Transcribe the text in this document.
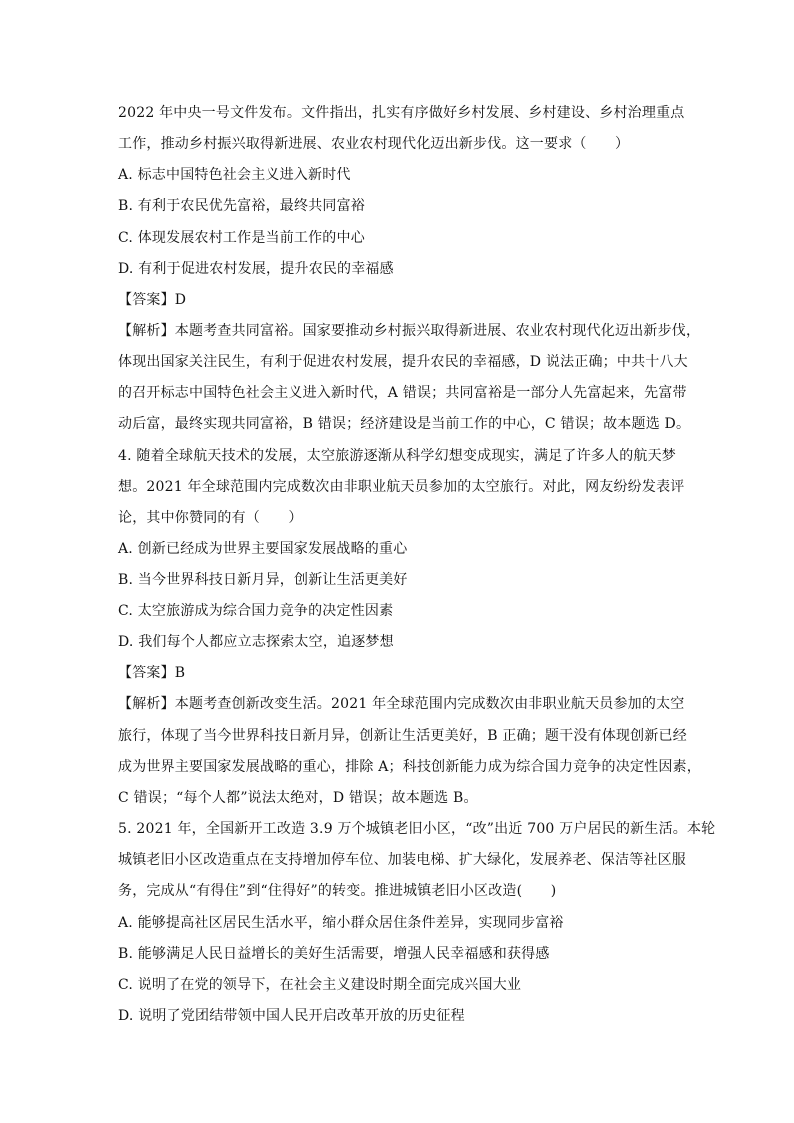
2022 年中央一号文件发布。文件指出，扎实有序做好乡村发展、乡村建设、乡村治理重点
工作，推动乡村振兴取得新进展、农业农村现代化迈出新步伐。这一要求（　　）
A. 标志中国特色社会主义进入新时代
B. 有利于农民优先富裕，最终共同富裕
C. 体现发展农村工作是当前工作的中心
D. 有利于促进农村发展，提升农民的幸福感
【答案】D
【解析】本题考查共同富裕。国家要推动乡村振兴取得新进展、农业农村现代化迈出新步伐，
体现出国家关注民生，有利于促进农村发展，提升农民的幸福感，D 说法正确；中共十八大
的召开标志中国特色社会主义进入新时代，A 错误；共同富裕是一部分人先富起来，先富带
动后富，最终实现共同富裕，B 错误；经济建设是当前工作的中心，C 错误；故本题选 D。
4. 随着全球航天技术的发展，太空旅游逐渐从科学幻想变成现实，满足了许多人的航天梦
想。2021 年全球范围内完成数次由非职业航天员参加的太空旅行。对此，网友纷纷发表评
论，其中你赞同的有（　　）
A. 创新已经成为世界主要国家发展战略的重心
B. 当今世界科技日新月异，创新让生活更美好
C. 太空旅游成为综合国力竞争的决定性因素
D. 我们每个人都应立志探索太空，追逐梦想
【答案】B
【解析】本题考查创新改变生活。2021 年全球范围内完成数次由非职业航天员参加的太空
旅行，体现了当今世界科技日新月异，创新让生活更美好，B 正确；题干没有体现创新已经
成为世界主要国家发展战略的重心，排除 A；科技创新能力成为综合国力竞争的决定性因素，
C 错误；“每个人都”说法太绝对，D 错误；故本题选 B。
5. 2021 年，全国新开工改造 3.9 万个城镇老旧小区，“改”出近 700 万户居民的新生活。本轮
城镇老旧小区改造重点在支持增加停车位、加装电梯、扩大绿化，发展养老、保洁等社区服
务，完成从“有得住”到“住得好”的转变。推进城镇老旧小区改造(　　)
A. 能够提高社区居民生活水平，缩小群众居住条件差异，实现同步富裕
B. 能够满足人民日益增长的美好生活需要，增强人民幸福感和获得感
C. 说明了在党的领导下，在社会主义建设时期全面完成兴国大业
D. 说明了党团结带领中国人民开启改革开放的历史征程
